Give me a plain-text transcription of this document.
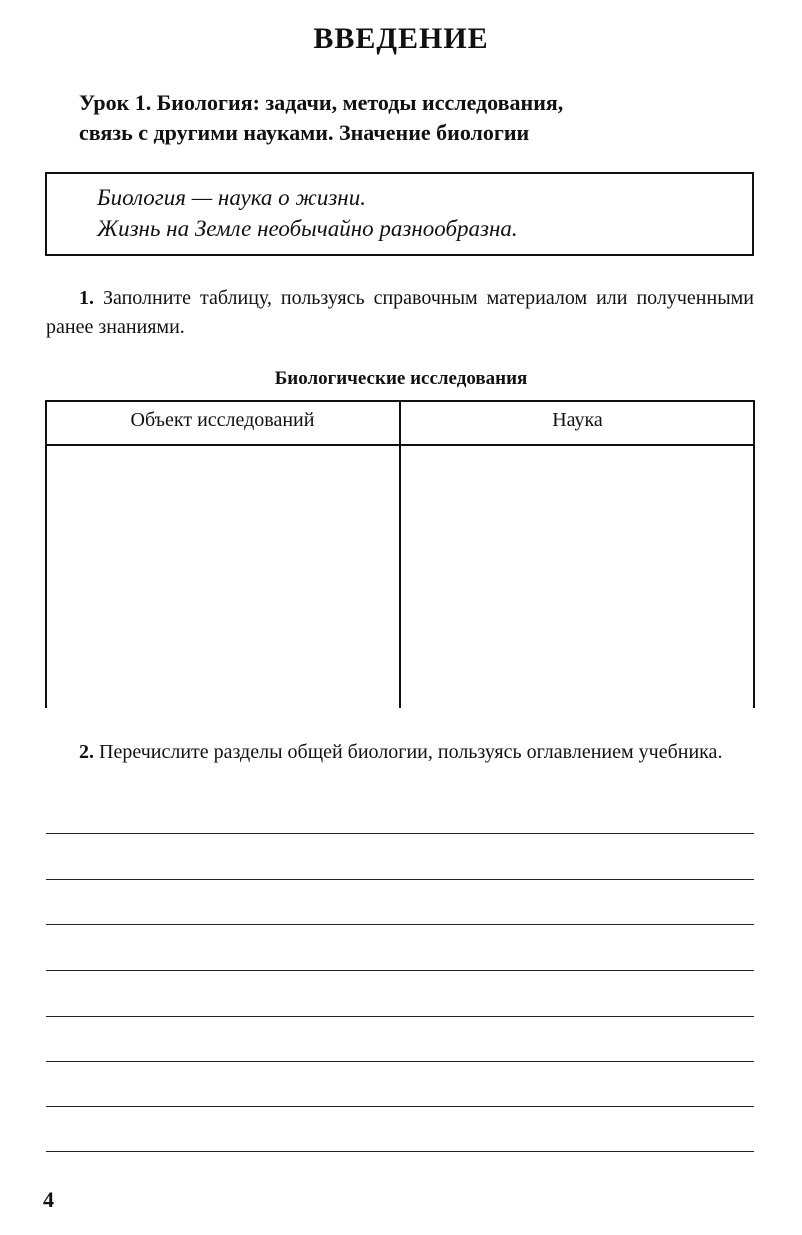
ВВЕДЕНИЕ
Урок 1. Биология: задачи, методы исследования,
связь с другими науками. Значение биологии
Биология — наука о жизни.
Жизнь на Земле необычайно разнообразна.
1. Заполните таблицу, пользуясь справочным материалом или полученными ранее знаниями.
Биологические исследования
Объект исследований	Наука
2. Перечислите разделы общей биологии, пользуясь оглавлением учебника.
4
